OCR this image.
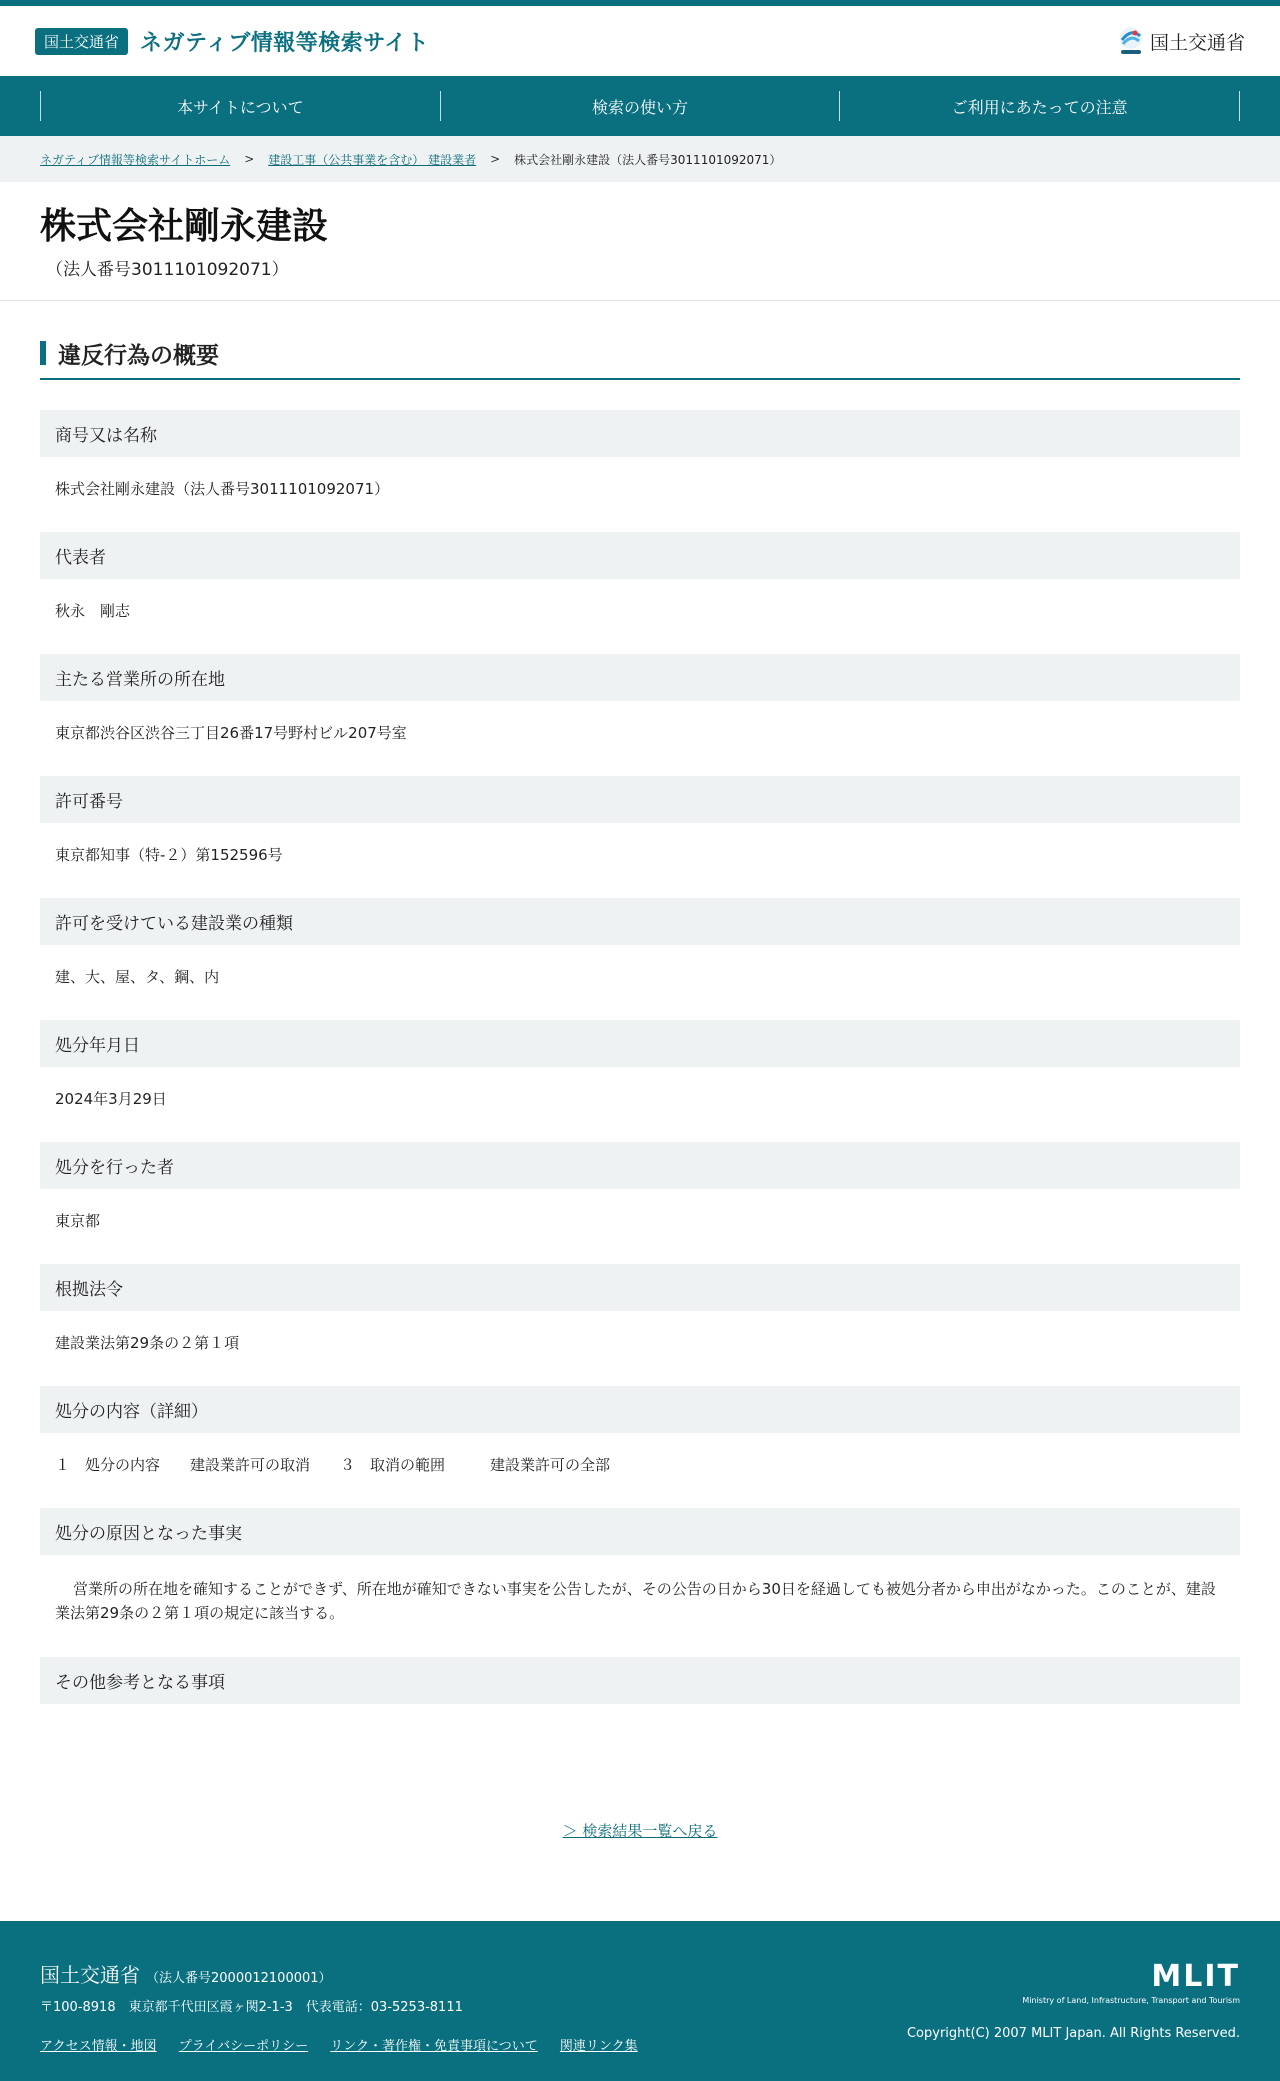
国土交通省 ネガティブ情報等検索サイト	国土交通省
本サイトについて	検索の使い方	ご利用にあたっての注意
ネガティブ情報等検索サイトホーム > 建設工事（公共事業を含む） 建設業者 > 株式会社剛永建設（法人番号3011101092071）
株式会社剛永建設
（法人番号3011101092071）
違反行為の概要
商号又は名称
株式会社剛永建設（法人番号3011101092071）
代表者
秋永　剛志
主たる営業所の所在地
東京都渋谷区渋谷三丁目26番17号野村ビル207号室
許可番号
東京都知事（特-２）第152596号
許可を受けている建設業の種類
建、大、屋、タ、鋼、内
処分年月日
2024年3月29日
処分を行った者
東京都
根拠法令
建設業法第29条の２第１項
処分の内容（詳細）
１　処分の内容　　建設業許可の取消　　３　取消の範囲　　　建設業許可の全部
処分の原因となった事実
営業所の所在地を確知することができず、所在地が確知できない事実を公告したが、その公告の日から30日を経過しても被処分者から申出がなかった。このことが、建設業法第29条の２第１項の規定に該当する。
その他参考となる事項
＞ 検索結果一覧へ戻る
国土交通省 （法人番号2000012100001）
〒100-8918　東京都千代田区霞ヶ関2-1-3　代表電話：03-5253-8111
アクセス情報・地図 プライバシーポリシー リンク・著作権・免責事項について 関連リンク集
MLIT
Ministry of Land, Infrastructure, Transport and Tourism
Copyright(C) 2007 MLIT Japan. All Rights Reserved.
